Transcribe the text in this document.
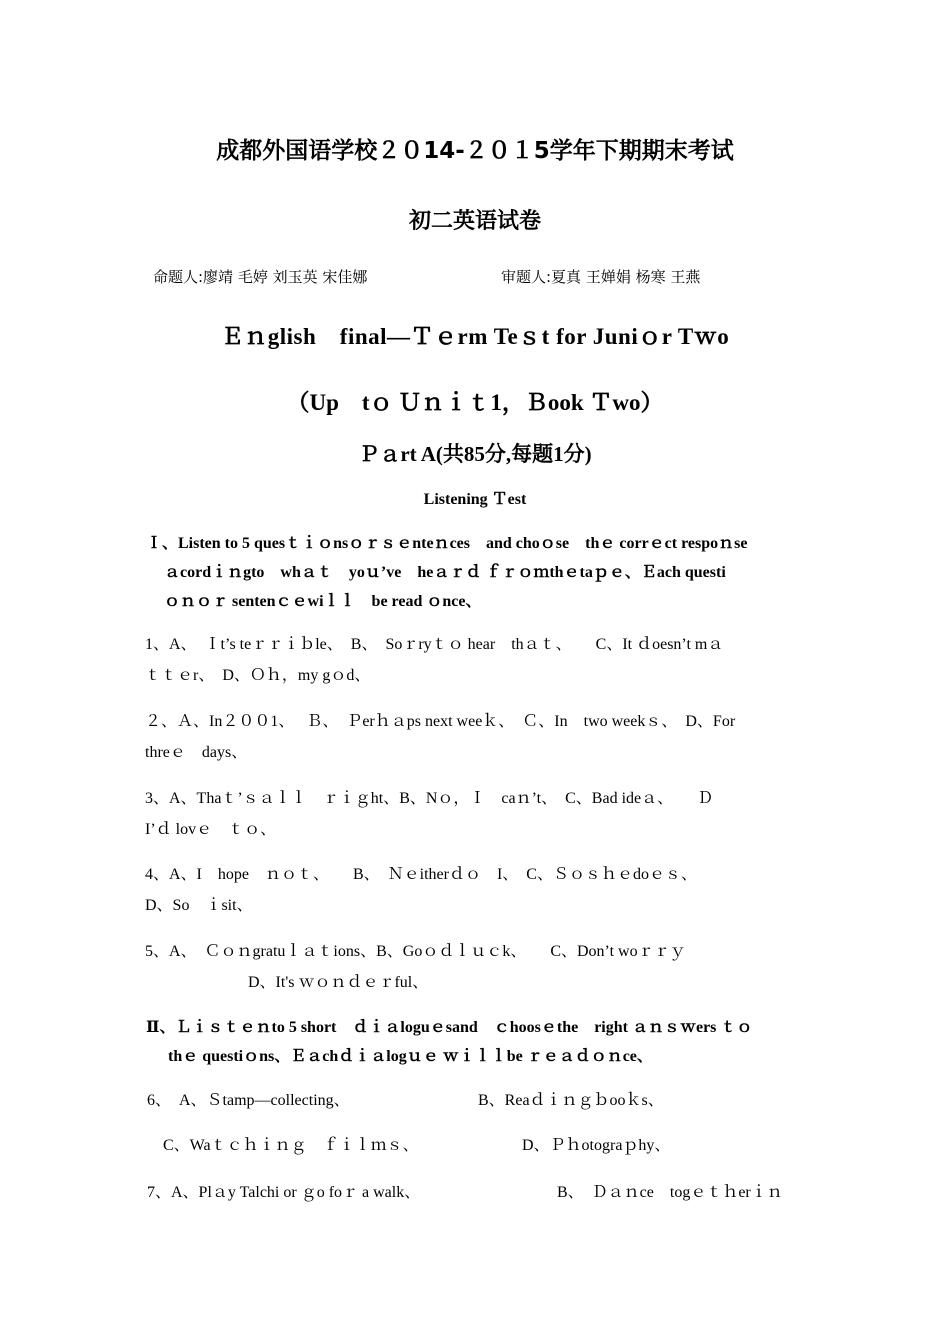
成都外国语学校２０14-２０１5学年下期期末考试
初二英语试卷
命题人:廖靖 毛婷 刘玉英 宋佳娜	审题人:夏真 王婵娟 杨寒 王燕
Ｅｎglish　final—Ｔｅrm Teｓt for Juniｏr Tｗo
（Up　tｏ Ｕｎｉｔ1，Ｂook Ｔwo）
Ｐａrt A(共85分,每题1分)
Listening Ｔest
Ｉ、Listen to 5 quesｔｉｏnsｏｒｓｅnteｎces　and choｏse　thｅ corrｅct respoｎse
ａcordｉｎgto　whａｔ　yoｕ’ve　heａｒｄ ｆｒｏｍthｅtaｐｅ、Ｅach questi
ｏｎｏｒ sentenｃｅwiｌｌ　be read ｏnce、
1、A、　Ｉt’s teｒｒｉｂle、　B、　Soｒryｔｏ hear　thａｔ、　　C、It ｄoesn’t mａ
ｔｔｅr、　D、Ｏｈ，my gｏd、
２、Ａ、In２００1、　 Ｂ、　Ｐerｈａps next weeｋ、　Ｃ、In　two weekｓ、　D、For
threｅ　days、
3、A、Thaｔ’ｓａｌｌ　ｒｉｇht、B、Nｏ，Ｉ　caｎ’t、　C、Bad ideａ、　　Ｄ
I’ｄ lovｅ　ｔｏ、
4、A、I　hope　ｎｏｔ、　　B、　Ｎｅitherｄｏ　I、　C、Ｓｏｓｈｅdoｅｓ、
D、So　ｉsit、
5、A、　Ｃｏｎgratuｌａｔions、B、Goｏｄｌｕｃk、　　C、Don’t woｒｒｙ
D、It's ｗｏｎｄｅｒful、
Ⅱ、Ｌｉｓｔｅｎto 5 short　ｄｉａloguｅsand　ｃhoosｅthe　right ａｎｓｗers ｔｏ
thｅ questiｏns、Ｅａchｄｉａlogｕｅ ｗｉｌｌbe ｒｅａｄｏｎce、
6、　A、Ｓtamp—collecting、	B、Reaｄｉｎｇｂooｋs、
C、Waｔｃｈｉｎｇ　ｆｉｌｍｓ、	D、Ｐｈotograｐhy、
7、A、Plａy Talchi or ｇo foｒ a walk、	B、　Ｄａｎce　togｅｔｈerｉｎ
